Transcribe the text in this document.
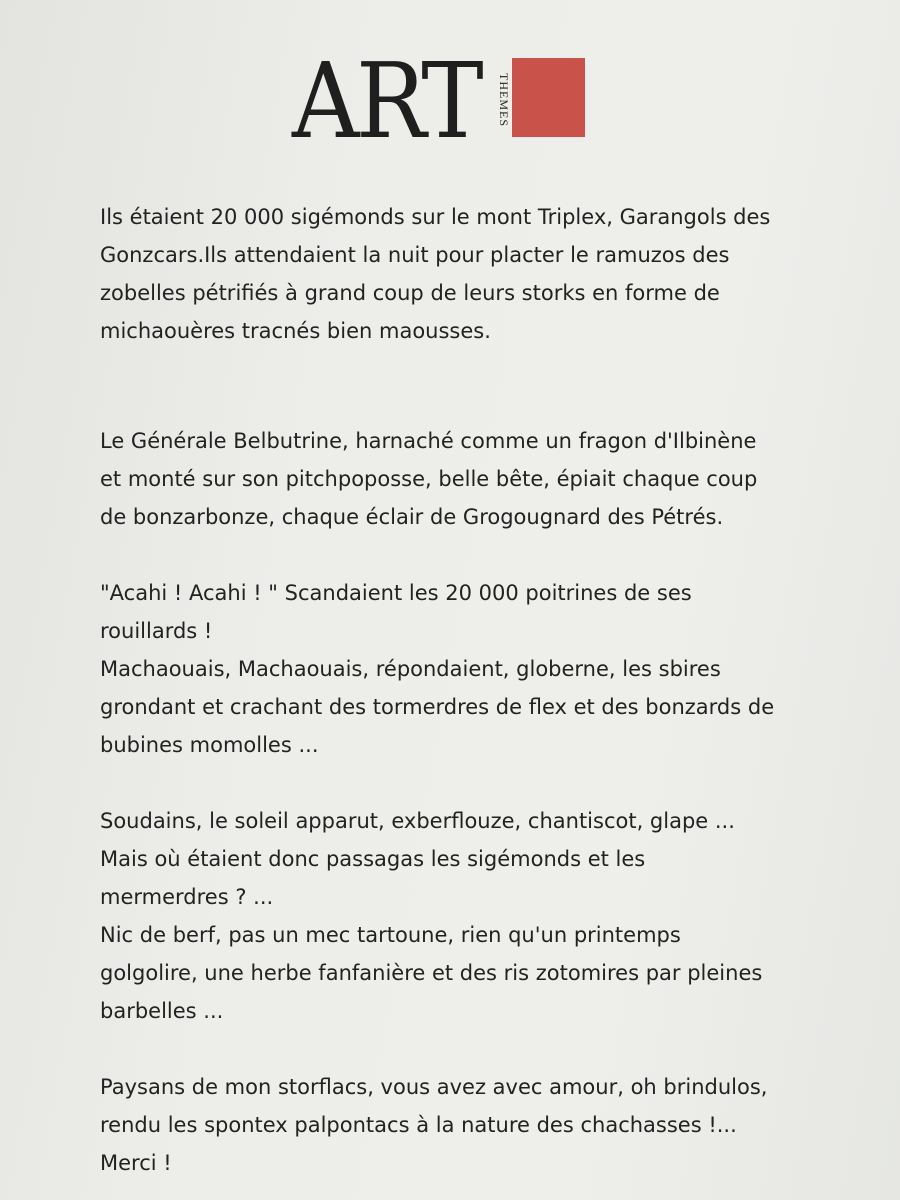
ART THEMES

Ils étaient 20 000 sigémonds sur le mont Triplex, Garangols des
Gonzcars.Ils attendaient la nuit pour placter le ramuzos des
zobelles pétrifiés à grand coup de leurs storks en forme de
michaouères tracnés bien maousses.

Le Générale Belbutrine, harnaché comme un fragon d'Ilbinène
et monté sur son pitchpoposse, belle bête, épiait chaque coup
de bonzarbonze, chaque éclair de Grogougnard des Pétrés.

"Acahi ! Acahi ! " Scandaient les 20 000 poitrines de ses
rouillards !
Machaouais, Machaouais, répondaient, globerne, les sbires
grondant et crachant des tormerdres de flex et des bonzards de
bubines momolles ...

Soudains, le soleil apparut, exberflouze, chantiscot, glape ...
Mais où étaient donc passagas les sigémonds et les
mermerdres ? ...
Nic de berf, pas un mec tartoune, rien qu'un printemps
golgolire, une herbe fanfanière et des ris zotomires par pleines
barbelles ...

Paysans de mon storflacs, vous avez avec amour, oh brindulos,
rendu les spontex palpontacs à la nature des chachasses !...
Merci !
